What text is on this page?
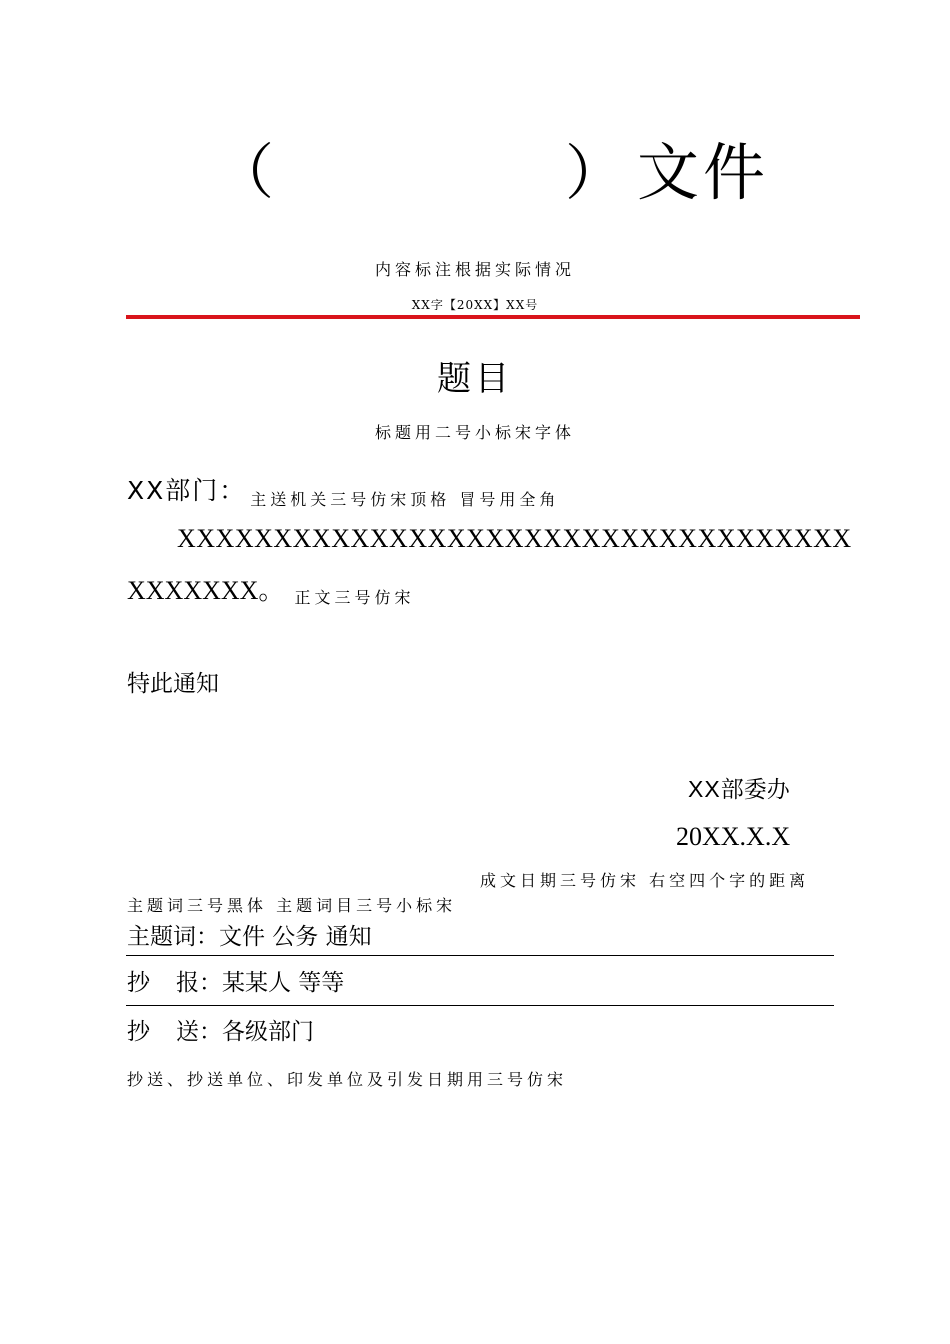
（	） 文件
内容标注根据实际情况
XX字【20XX】XX号
题目
标题用二号小标宋字体
XX部门： 主送机关三号仿宋顶格 冒号用全角
XXXXXXXXXXXXXXXXXXXXXXXXXXXXXXXXXXX
XXXXXXX。 正文三号仿宋
特此通知
XX部委办
20XX.X.X
成文日期三号仿宋 右空四个字的距离
主题词三号黑体 主题词目三号小标宋
主题词：文件 公务 通知
抄 报：某某人 等等
抄 送：各级部门
抄送、抄送单位、印发单位及引发日期用三号仿宋
